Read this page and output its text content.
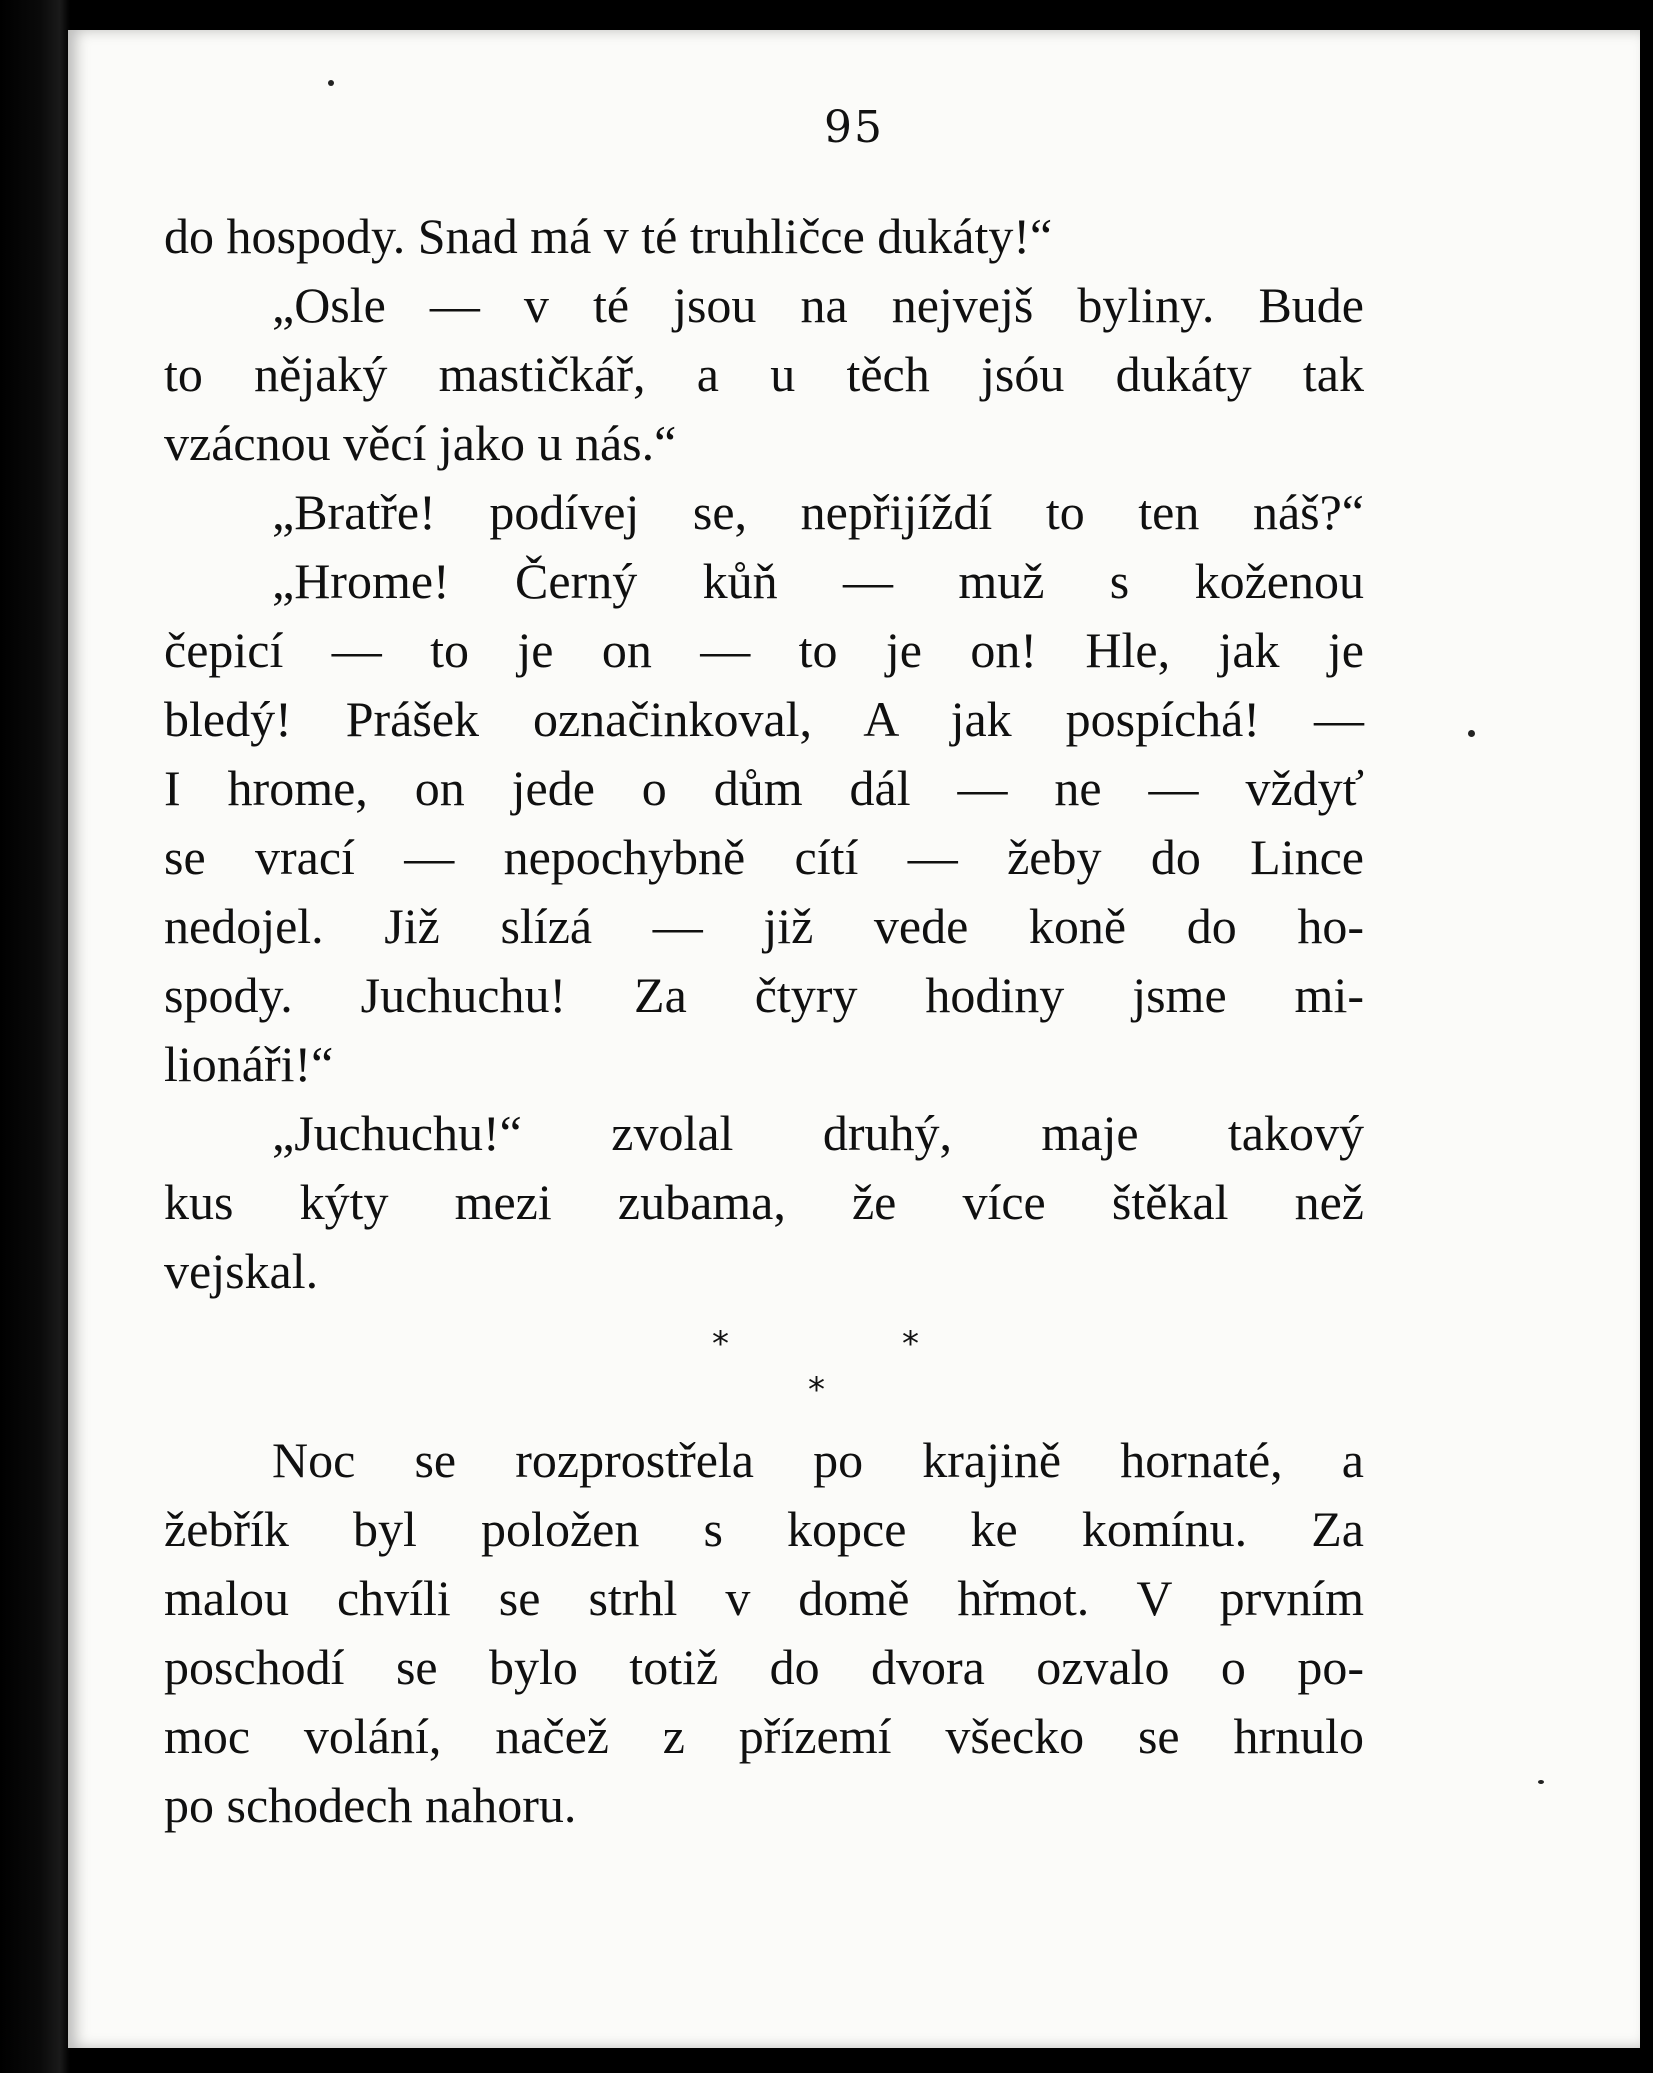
95
do hospody. Snad má v té truhličce dukáty!“
„Osle — v té jsou na nejvejš byliny. Bude
to nějaký mastičkář, a u těch jsóu dukáty tak
vzácnou věcí jako u nás.“
„Bratře! podívej se, nepřijíždí to ten náš?“
„Hrome! Černý kůň — muž s koženou
čepicí — to je on — to je on! Hle, jak je
bledý! Prášek označinkoval, A jak pospíchá! —
I hrome, on jede o dům dál — ne — vždyť
se vrací — nepochybně cítí — žeby do Lince
nedojel. Již slízá — již vede koně do ho-
spody. Juchuchu! Za čtyry hodiny jsme mi-
lionáři!“
„Juchuchu!“ zvolal druhý, maje takový
kus kýty mezi zubama, že více štěkal než
vejskal.
*	*
*
Noc se rozprostřela po krajině hornaté, a
žebřík byl položen s kopce ke komínu. Za
malou chvíli se strhl v domě hřmot. V prvním
poschodí se bylo totiž do dvora ozvalo o po-
moc volání, načež z přízemí všecko se hrnulo
po schodech nahoru.
